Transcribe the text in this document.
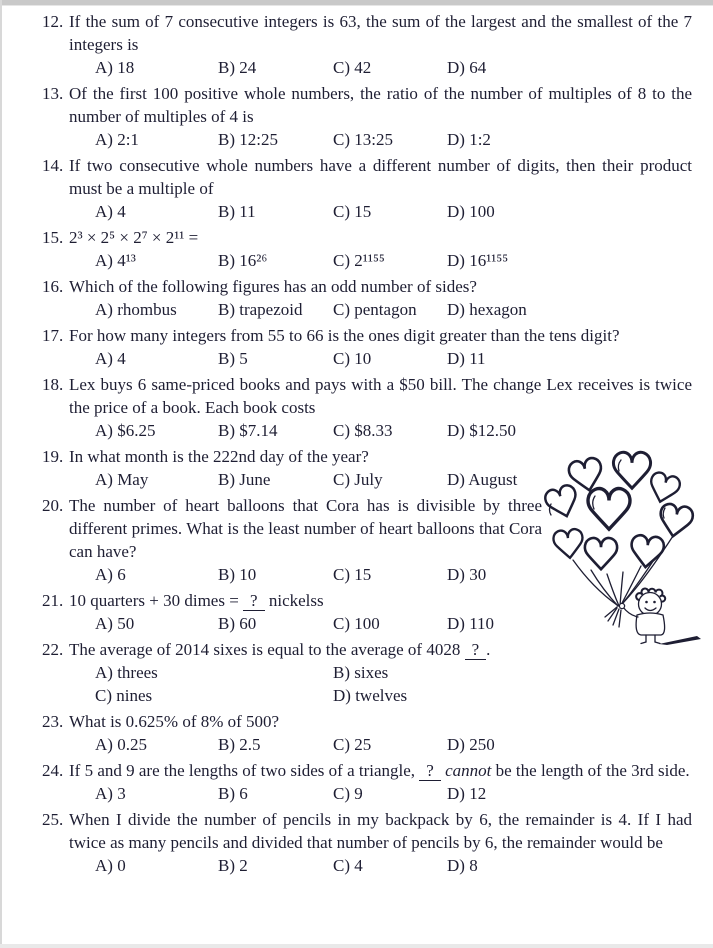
12. If the sum of 7 consecutive integers is 63, the sum of the largest and the smallest of the 7 integers is
A) 18	B) 24	C) 42	D) 64
13. Of the first 100 positive whole numbers, the ratio of the number of multiples of 8 to the number of multiples of 4 is
A) 2:1	B) 12:25	C) 13:25	D) 1:2
14. If two consecutive whole numbers have a different number of digits, then their product must be a multiple of
A) 4	B) 11	C) 15	D) 100
15. 2³ × 2⁵ × 2⁷ × 2¹¹ =
A) 4¹³	B) 16²⁶	C) 2¹¹⁵⁵	D) 16¹¹⁵⁵
16. Which of the following figures has an odd number of sides?
A) rhombus	B) trapezoid	C) pentagon	D) hexagon
17. For how many integers from 55 to 66 is the ones digit greater than the tens digit?
A) 4	B) 5	C) 10	D) 11
18. Lex buys 6 same-priced books and pays with a $50 bill. The change Lex receives is twice the price of a book. Each book costs
A) $6.25	B) $7.14	C) $8.33	D) $12.50
19. In what month is the 222nd day of the year?
A) May	B) June	C) July	D) August
20. The number of heart balloons that Cora has is divisible by three different primes. What is the least number of heart balloons that Cora can have?
A) 6	B) 10	C) 15	D) 30
21. 10 quarters + 30 dimes = ? nickelss
A) 50	B) 60	C) 100	D) 110
22. The average of 2014 sixes is equal to the average of 4028 ? .
A) threes	B) sixes
C) nines	D) twelves
23. What is 0.625% of 8% of 500?
A) 0.25	B) 2.5	C) 25	D) 250
24. If 5 and 9 are the lengths of two sides of a triangle, ? cannot be the length of the 3rd side.
A) 3	B) 6	C) 9	D) 12
25. When I divide the number of pencils in my backpack by 6, the remainder is 4. If I had twice as many pencils and divided that number of pencils by 6, the remainder would be
A) 0	B) 2	C) 4	D) 8
